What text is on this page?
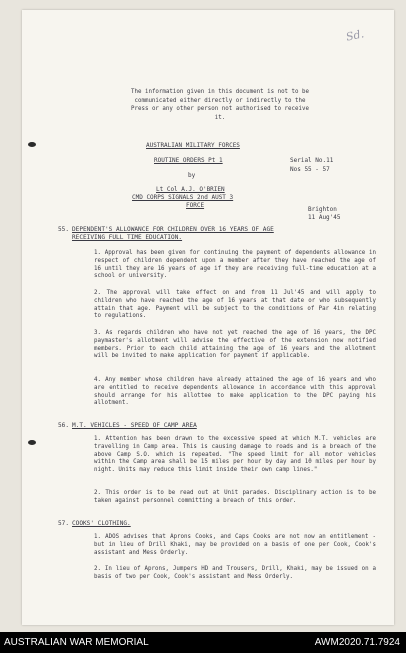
Sd.
The information given in this document is not to be communicated either directly or indirectly to the Press or any other person not authorised to receive it.
AUSTRALIAN MILITARY FORCES
ROUTINE ORDERS Pt 1
by
Lt Col A.J. O'BRIEN
CMD CORPS SIGNALS 2nd AUST 3
FORCE
Serial No.11
Nos 55 - 57
Brighton
11 Aug'45
55. DEPENDENT'S ALLOWANCE FOR CHILDREN OVER 16 YEARS OF AGE
RECEIVING FULL TIME EDUCATION.
1. Approval has been given for continuing the payment of dependents allowance in respect of children dependent upon a member after they have reached the age of 16 until they are 16 years of age if they are receiving full-time education at a school or university.
2. The approval will take effect on and from 11 Jul'45 and will apply to children who have reached the age of 16 years at that date or who subsequently attain that age. Payment will be subject to the conditions of Par 4in relating to regulations.
3. As regards children who have not yet reached the age of 16 years, the DPC paymaster's allotment will advise the effective of the extension now notified members. Prior to each child attaining the age of 16 years and the allotment will be invited to make application for payment if applicable.
4. Any member whose children have already attained the age of 16 years and who are entitled to receive dependents allowance in accordance with this approval should arrange for his allottee to make application to the DPC paying his allotment.
56. M.T. VEHICLES - SPEED OF CAMP AREA
1. Attention has been drawn to the excessive speed at which M.T. vehicles are travelling in Camp area. This is causing damage to roads and is a breach of the above Camp S.O. which is repeated. "The speed limit for all motor vehicles within the Camp area shall be 15 miles per hour by day and 10 miles per hour by night. Units may reduce this limit inside their own camp lines."
2. This order is to be read out at Unit parades. Disciplinary action is to be taken against personnel committing a breach of this order.
57. COOKS' CLOTHING.
1. ADOS advises that Aprons Cooks, and Caps Cooks are not now an entitlement - but in lieu of Drill Khaki, may be provided on a basis of one per Cook, Cook's assistant and Mess Orderly.
2. In lieu of Aprons, Jumpers HD and Trousers, Drill, Khaki, may be issued on a basis of two per Cook, Cook's assistant and Mess Orderly.
AUSTRALIAN WAR MEMORIAL	AWM2020.71.7924
